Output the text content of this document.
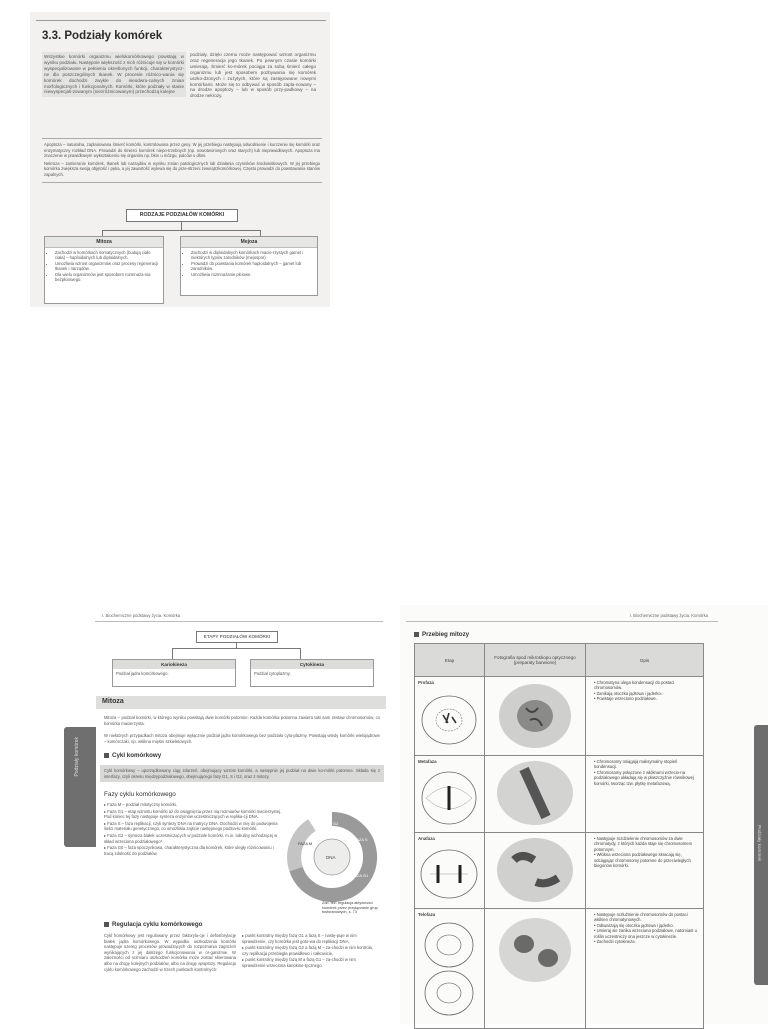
3.3. Podziały komórek
Wszystkie komórki organizmu wielokomórkowego powstają w wyniku podziału. Następnie większość z nich różnicuje się w komórki wyspecjalizowane w pełnieniu określonych funkcji, charakterystycz-ne dla poszczególnych tkanek. W procesie różnico-wania się komórek dochodzi zwykle do nieodwra-calnych zmian morfologicznych i funkcjonalnych. Komórki, które podziały w stanie niewyspecjali-zowanym (niezróżnicowanym) przechodzą kolejne
podziały, dzięki czemu może następować wzrost organizmu oraz regeneracja jego tkanek. Po pewnym czasie komórki umierają. Śmierć ko-mórek pociąga za sobą śmierć całego organizmu lub jest sposobem pozbywania się komórek uszko-dzonych i zużytych, które są zastępowane nowymi komórkami. Może się to odbywać w sposób zapla-nowany – na drodze apoptozy – lub w sposób przy-padkowy – na drodze nekrozy.

Apoptoza – naturalna, zaplanowana śmierć komórki, kontrolowana przez geny. W jej przebiegu następują odwodnienie i kurczenie się komórki oraz enzymatyczny rozkład DNA. Prowadzi do śmierci komórek niepo-trzebnych (np. nowotworowych oraz starych) lub nieprawidłowych. Apoptoza ma znaczenie w prawidłowym wykształceniu się organów np. błon u mózgu, palców u dłoni.

Nekroza – zamieranie komórek, tkanek lub narządów w wyniku zmian patologicznych lub działania czynników środowiskowych. W jej przebiegu komórka zwiększa swoją objętość i pęka, a jej zawartość wylewa się do prze-strzeni zewnątrzkomórkowej. Często prowadzi do powstawania stanów zapalnych.

RODZAJE PODZIAŁÓW KOMÓRKI
Mitoza
• Zachodzi w komórkach somatycznych (budują ciało ciała) – haploidalnych lub diploidalnych.
• Umożliwia wzrost organizmów oraz procesy regeneracji tkanek i narządów.
• Dla wielu organizmów jest sposobem rozmnaża-nia bezpłciowego.
Mejoza
• Zachodzi w diploidalnych komórkach macie-rzystych gamet i niektórych typów zarodników (mejospor).
• Prowadzi do powstania komórek haploidalnych – gamet lub zarodników.
• Umożliwia rozmnażanie płciowe.
I. Biochemiczne podstawy życia. Komórka
Podziały komórek
ETAPY PODZIAŁÓW KOMÓRKI
Kariokineza
Podział jądra komórkowego.
Cytokineza
Podział cytoplazmy.
Mitoza
Mitoza – podział komórki, w którego wyniku powstają dwie komórki potomne. Każda komórka potomna zawiera taki sam zestaw chromosomów, co komórka macierzysta.
W niektórych przypadkach mitoza obejmuje wyłącznie podział jądra komórkowego bez podziału cyto-plazmy. Powstają wtedy komórki wielojądrowe – komórczaki, np. włókna mięśni szkieletowych.
Cykl komórkowy
Cykl komórkowy – uporządkowany ciąg zdarzeń, obejmujący wzrost komórki, a następnie jej podział na dwie ko-mórki potomne. Składa się z interfazy, czyli okresu międzypodziałowego, obejmującego fazy G1, S i G2, oraz z mitozy.
Fazy cyklu komórkowego

▸ Faza M – podział mitotyczny komórki.

▸ Faza G1 – etap wzrostu komórki aż do osiągnięcia przez nią rozmiarów komórki macierzystej. Pod koniec tej fazy następuje synteza enzymów uczestniczących w replika-cji DNA.

▸ Faza S – faza replikacji, czyli syntezy DNA na matrycy DNA. Dochodzi w niej do podwojenia ilości materiału genetycznego, co umożliwia zajście następnego podzia-łu komórki.

▸ Faza G2 – synteza białek uczestniczących w podziale komórki, m.in. tubuliny wchodzącej w skład wrzeciona podziałowego*.

▸ Faza G0 – faza spoczynkowa, charakterystyczna dla komórek, które uległy różnicowaniu i tracą zdolność do podziałów.

FAZA S
FAZA M
FAZA G1
FAZA G2
DNA
Zob. też: regulacja aktywności komórek przez przyłączanie grup fosforanowych, s. 73
Regulacja cyklu komórkowego
Cykl komórkowy jest regulowany przez faktoryla-cje i defosforylację białek jądra komórkowego. W wypadku uszkodzenia komórki następuje szereg procesów prowadzących do rozpoznania zagrożeń wynikających z jej dalszego funkcjonowania w or-ganizmie. W zależności od rozmiaru uszkodzeń komórka może zostać skierowana albo na drogę kolejnych podziałów, albo na drogę apoptozy. Regulacja cyklu komórkowego zachodzi w trzech punktach kontrolnych:

▸ punkt kontrolny między fazą G1 a fazą S – nastę-puje w nim sprawdzenie, czy komórka jest goto-wa do replikacji DNA,

▸ punkt kontrolny między fazą G2 a fazą M – za-chodzi w nim kontrola, czy replikacja przebiegła prawidłowo i całkowicie,

▸ punkt kontrolny między fazą M a fazą G1 – za-chodzi w nim sprawdzenie wrzeciona kariokine-tycznego.

I. Biochemiczne podstawy życia. Komórka
Podziały komórek
Przebieg mitozy
Etap	Fotografia spod mikroskopu optycznego (preparaty barwione)	Opis

Profaza		• Chromatyna ulega kondensacji do postaci chromosomów.

• Zanikają otoczka jądrowa i jąderko.

• Powstaje wrzeciono podziałowe.

Metafaza		• Chromosomy osiągają maksymalny stopień kondensacji.

• Chromosomy połączone z włóknami wrzecio-na podziałowego układają się w płaszczyźnie równikowej komórki, tworząc tzw. płytkę metafazową.

Anafaza		• Następuje rozdzielenie chromosomów za dwie chromatydy, z których każda staje się chromosomem potomnym.

• Włókna wrzeciona podziałowego skracają się, odciągając chromosomy potomne do przeciwległych biegunów komórki.

Telofaza		• Następuje rozluźnienie chromosomów do postaci włókien chromatynowych.

• Odtwarzają się otoczka jądrowa i jąderko.

• Umieraj sie zanika wrzeciona podziałowe, natomiast u roślin uczestniczy ona jeszcze w cytokinezie.

• Zachodzi cytokineza.
